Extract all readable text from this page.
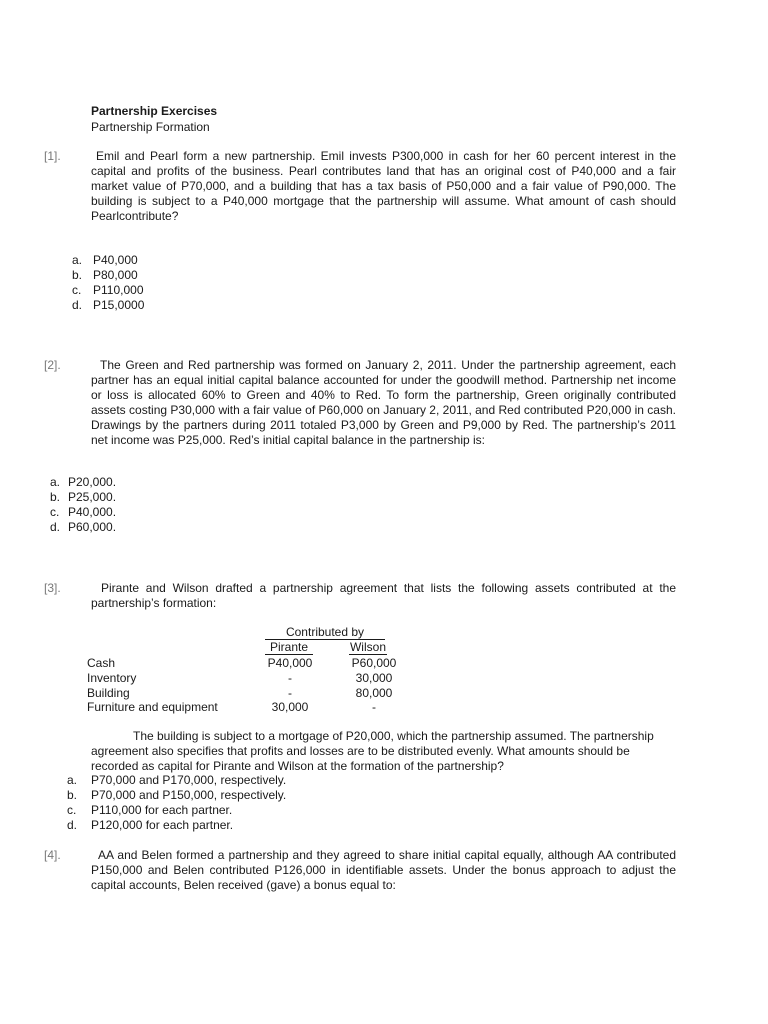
Partnership Exercises
Partnership Formation
[1].	Emil and Pearl form a new partnership. Emil invests P300,000 in cash for her 60 percent interest in the capital and profits of the business. Pearl contributes land that has an original cost of P40,000 and a fair market value of P70,000, and a building that has a tax basis of P50,000 and a fair value of P90,000. The building is subject to a P40,000 mortgage that the partnership will assume. What amount of cash should Pearlcontribute?
a. P40,000
b. P80,000
c. P110,000
d. P15,0000
[2].	The Green and Red partnership was formed on January 2, 2011. Under the partnership agreement, each partner has an equal initial capital balance accounted for under the goodwill method. Partnership net income or loss is allocated 60% to Green and 40% to Red. To form the partnership, Green originally contributed assets costing P30,000 with a fair value of P60,000 on January 2, 2011, and Red contributed P20,000 in cash. Drawings by the partners during 2011 totaled P3,000 by Green and P9,000 by Red. The partnership’s 2011 net income was P25,000. Red’s initial capital balance in the partnership is:
a. P20,000.
b. P25,000.
c. P40,000.
d. P60,000.
[3].	Pirante and Wilson drafted a partnership agreement that lists the following assets contributed at the partnership’s formation:
Contributed by
Pirante	Wilson
Cash	P40,000	P60,000
Inventory	-	30,000
Building	-	80,000
Furniture and equipment	30,000	-
The building is subject to a mortgage of P20,000, which the partnership assumed. The partnership agreement also specifies that profits and losses are to be distributed evenly. What amounts should be recorded as capital for Pirante and Wilson at the formation of the partnership?
a.	P70,000 and P170,000, respectively.
b.	P70,000 and P150,000, respectively.
c.	P110,000 for each partner.
d.	P120,000 for each partner.
[4].	AA and Belen formed a partnership and they agreed to share initial capital equally, although AA contributed P150,000 and Belen contributed P126,000 in identifiable assets. Under the bonus approach to adjust the capital accounts, Belen received (gave) a bonus equal to:
